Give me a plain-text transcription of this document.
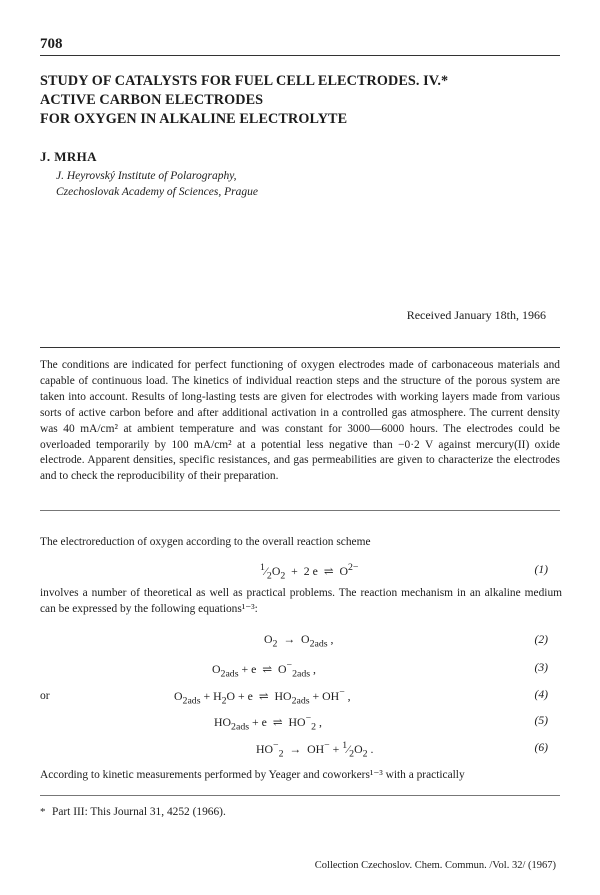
708
STUDY OF CATALYSTS FOR FUEL CELL ELECTRODES. IV.*
ACTIVE CARBON ELECTRODES
FOR OXYGEN IN ALKALINE ELECTROLYTE
J. MRHA
J. Heyrovský Institute of Polarography,
Czechoslovak Academy of Sciences, Prague
Received January 18th, 1966
The conditions are indicated for perfect functioning of oxygen electrodes made of carbonaceous materials and capable of continuous load. The kinetics of individual reaction steps and the structure of the porous system are taken into account. Results of long-lasting tests are given for electrodes with working layers made from various sorts of active carbon before and after additional activation in a controlled gas atmosphere. The current density was 40 mA/cm² at ambient temperature and was constant for 3000—6000 hours. The electrodes could be overloaded temporarily by 100 mA/cm² at a potential less negative than −0·2 V against mercury(II) oxide electrode. Apparent densities, specific resistances, and gas permeabilities are given to characterize the electrodes and to check the reproducibility of their preparation.
The electroreduction of oxygen according to the overall reaction scheme
$^1⁄_2O_2 + 2$ e  ⇌  $O^{2-}$	(1)
involves a number of theoretical as well as practical problems. The reaction mechanism in an alkaline medium can be expressed by the following equations¹⁻³:
$O_2 \to O_{2ads}$ ,	(2)
$O_{2ads} + e$  ⇌  $O^-_{2ads}$ ,	(3)
or	$O_{2ads} + H_2O + e$  ⇌  $HO_{2ads} + OH^-$ ,	(4)
$HO_{2ads} + e$  ⇌  $HO^-_2$ ,	(5)
$HO^-_2 \to OH^-$ + $^1⁄_2O_2$ .	(6)
According to kinetic measurements performed by Yeager and coworkers¹⁻³ with a practically
* Part III: This Journal 31, 4252 (1966).
Collection Czechoslov. Chem. Commun. /Vol. 32/ (1967)
